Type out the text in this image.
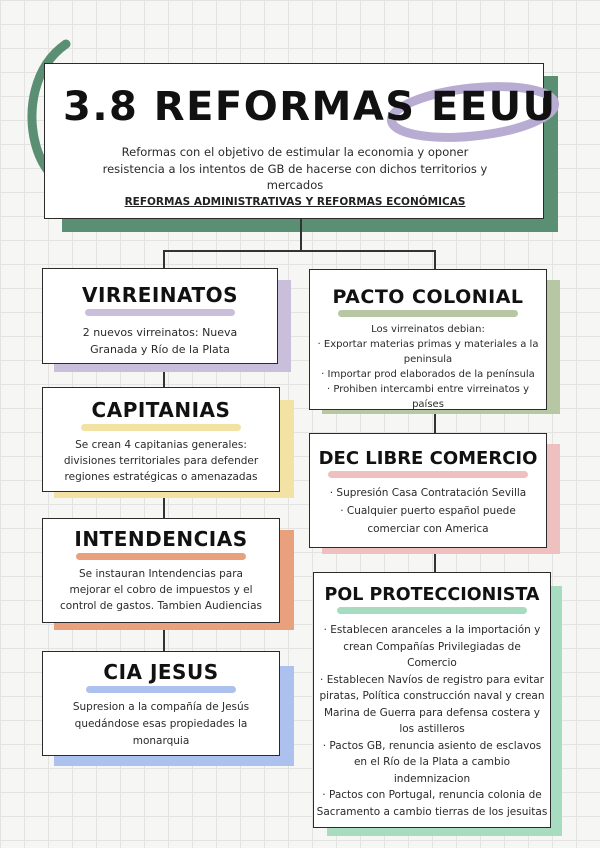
3.8 REFORMAS EEUU
Reformas con el objetivo de estimular la economia y oponer
resistencia a los intentos de GB de hacerse con dichos territorios y
mercados
REFORMAS ADMINISTRATIVAS Y REFORMAS ECONÓMICAS
VIRREINATOS
2 nuevos virreinatos: Nueva
Granada y Río de la Plata
CAPITANIAS
Se crean 4 capitanias generales:
divisiones territoriales para defender
regiones estratégicas o amenazadas
INTENDENCIAS
Se instauran Intendencias para
mejorar el cobro de impuestos y el
control de gastos. Tambien Audiencias
CIA JESUS
Supresion a la compañía de Jesús
quedándose esas propiedades la
monarquia
PACTO COLONIAL
Los virreinatos debian:
· Exportar materias primas y materiales a la
peninsula
· Importar prod elaborados de la península
· Prohiben intercambi entre virreinatos y países
DEC LIBRE COMERCIO
· Supresión Casa Contratación Sevilla
· Cualquier puerto español puede
comerciar con America
POL PROTECCIONISTA
· Establecen aranceles a la importación y
crean Compañías Privilegiadas de
Comercio
· Establecen Navíos de registro para evitar
piratas, Política construcción naval y crean
Marina de Guerra para defensa costera y
los astilleros
· Pactos GB, renuncia asiento de esclavos
en el Río de la Plata a cambio
indemnizacion
· Pactos con Portugal, renuncia colonia de
Sacramento a cambio tierras de los jesuitas
